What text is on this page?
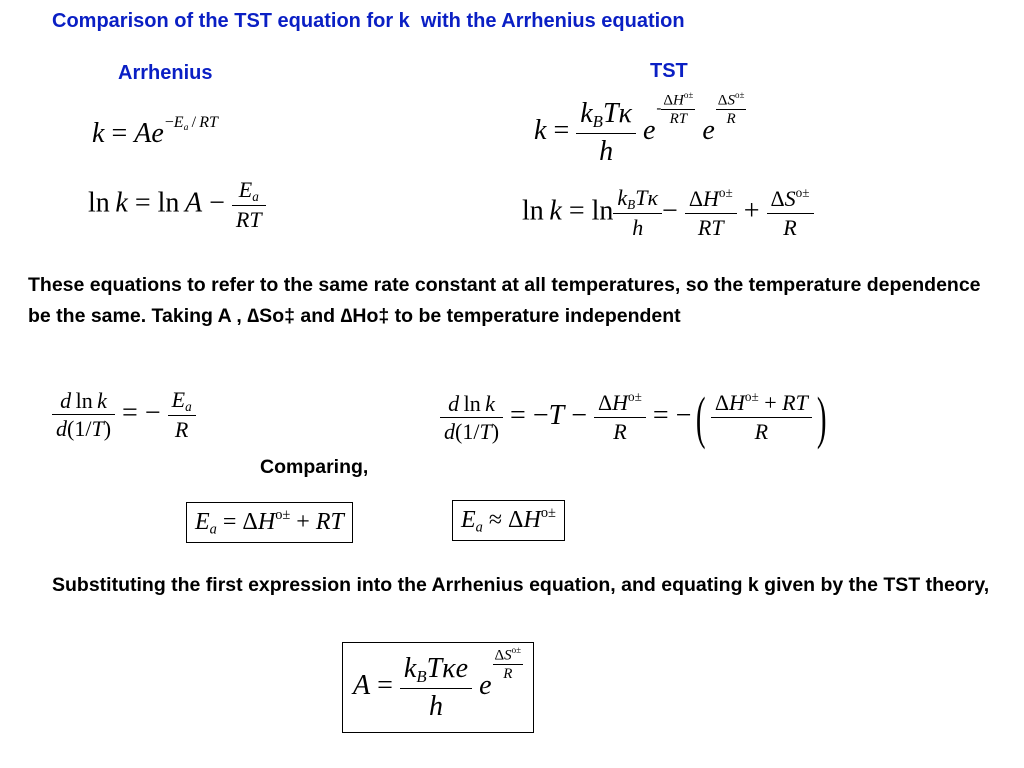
Comparison of the TST equation for k  with the Arrhenius equation
Arrhenius	TST
$k = Ae-E_a$ / RT
$\ln k = \ln A - \frac{E_a}{RT}$
$k = \frac{k_BT\kappa}{h} e- \frac{\Delta H^{o\pm}}{RT}$
e
$\frac{\Delta S^{o\pm}}{R}$
$\ln k = \ln \frac{k_BT\kappa}{h} - \frac{\Delta H^{o\pm}}{RT} + \frac{\Delta S^{o\pm}}{R}$
These equations to refer to the same rate constant at all temperatures, so the temperature dependence be the same. Taking A , ∆So‡ and ∆Ho‡ to be temperature independent
$\frac{\text{d ln k}}{d(1/T)}$ = − $\frac{E_a}{R}$	$\frac{\text{d ln k}}{d(1/T)} = -T - \frac{\Delta H^{o\pm}}{R}$ = −( $\frac{\Delta H^{o\pm} + RT}{R}$ )
Comparing,
$E_a = \Delta H^{o\pm}$ + RT	$E_a \approx \Delta H^{o\pm}$
Substituting the first expression into the Arrhenius equation, and equating k given by the TST theory,
$A = \frac{k_BT\kappa e}{h}$ e
$\frac{\Delta S^{o\pm}}{R}$
